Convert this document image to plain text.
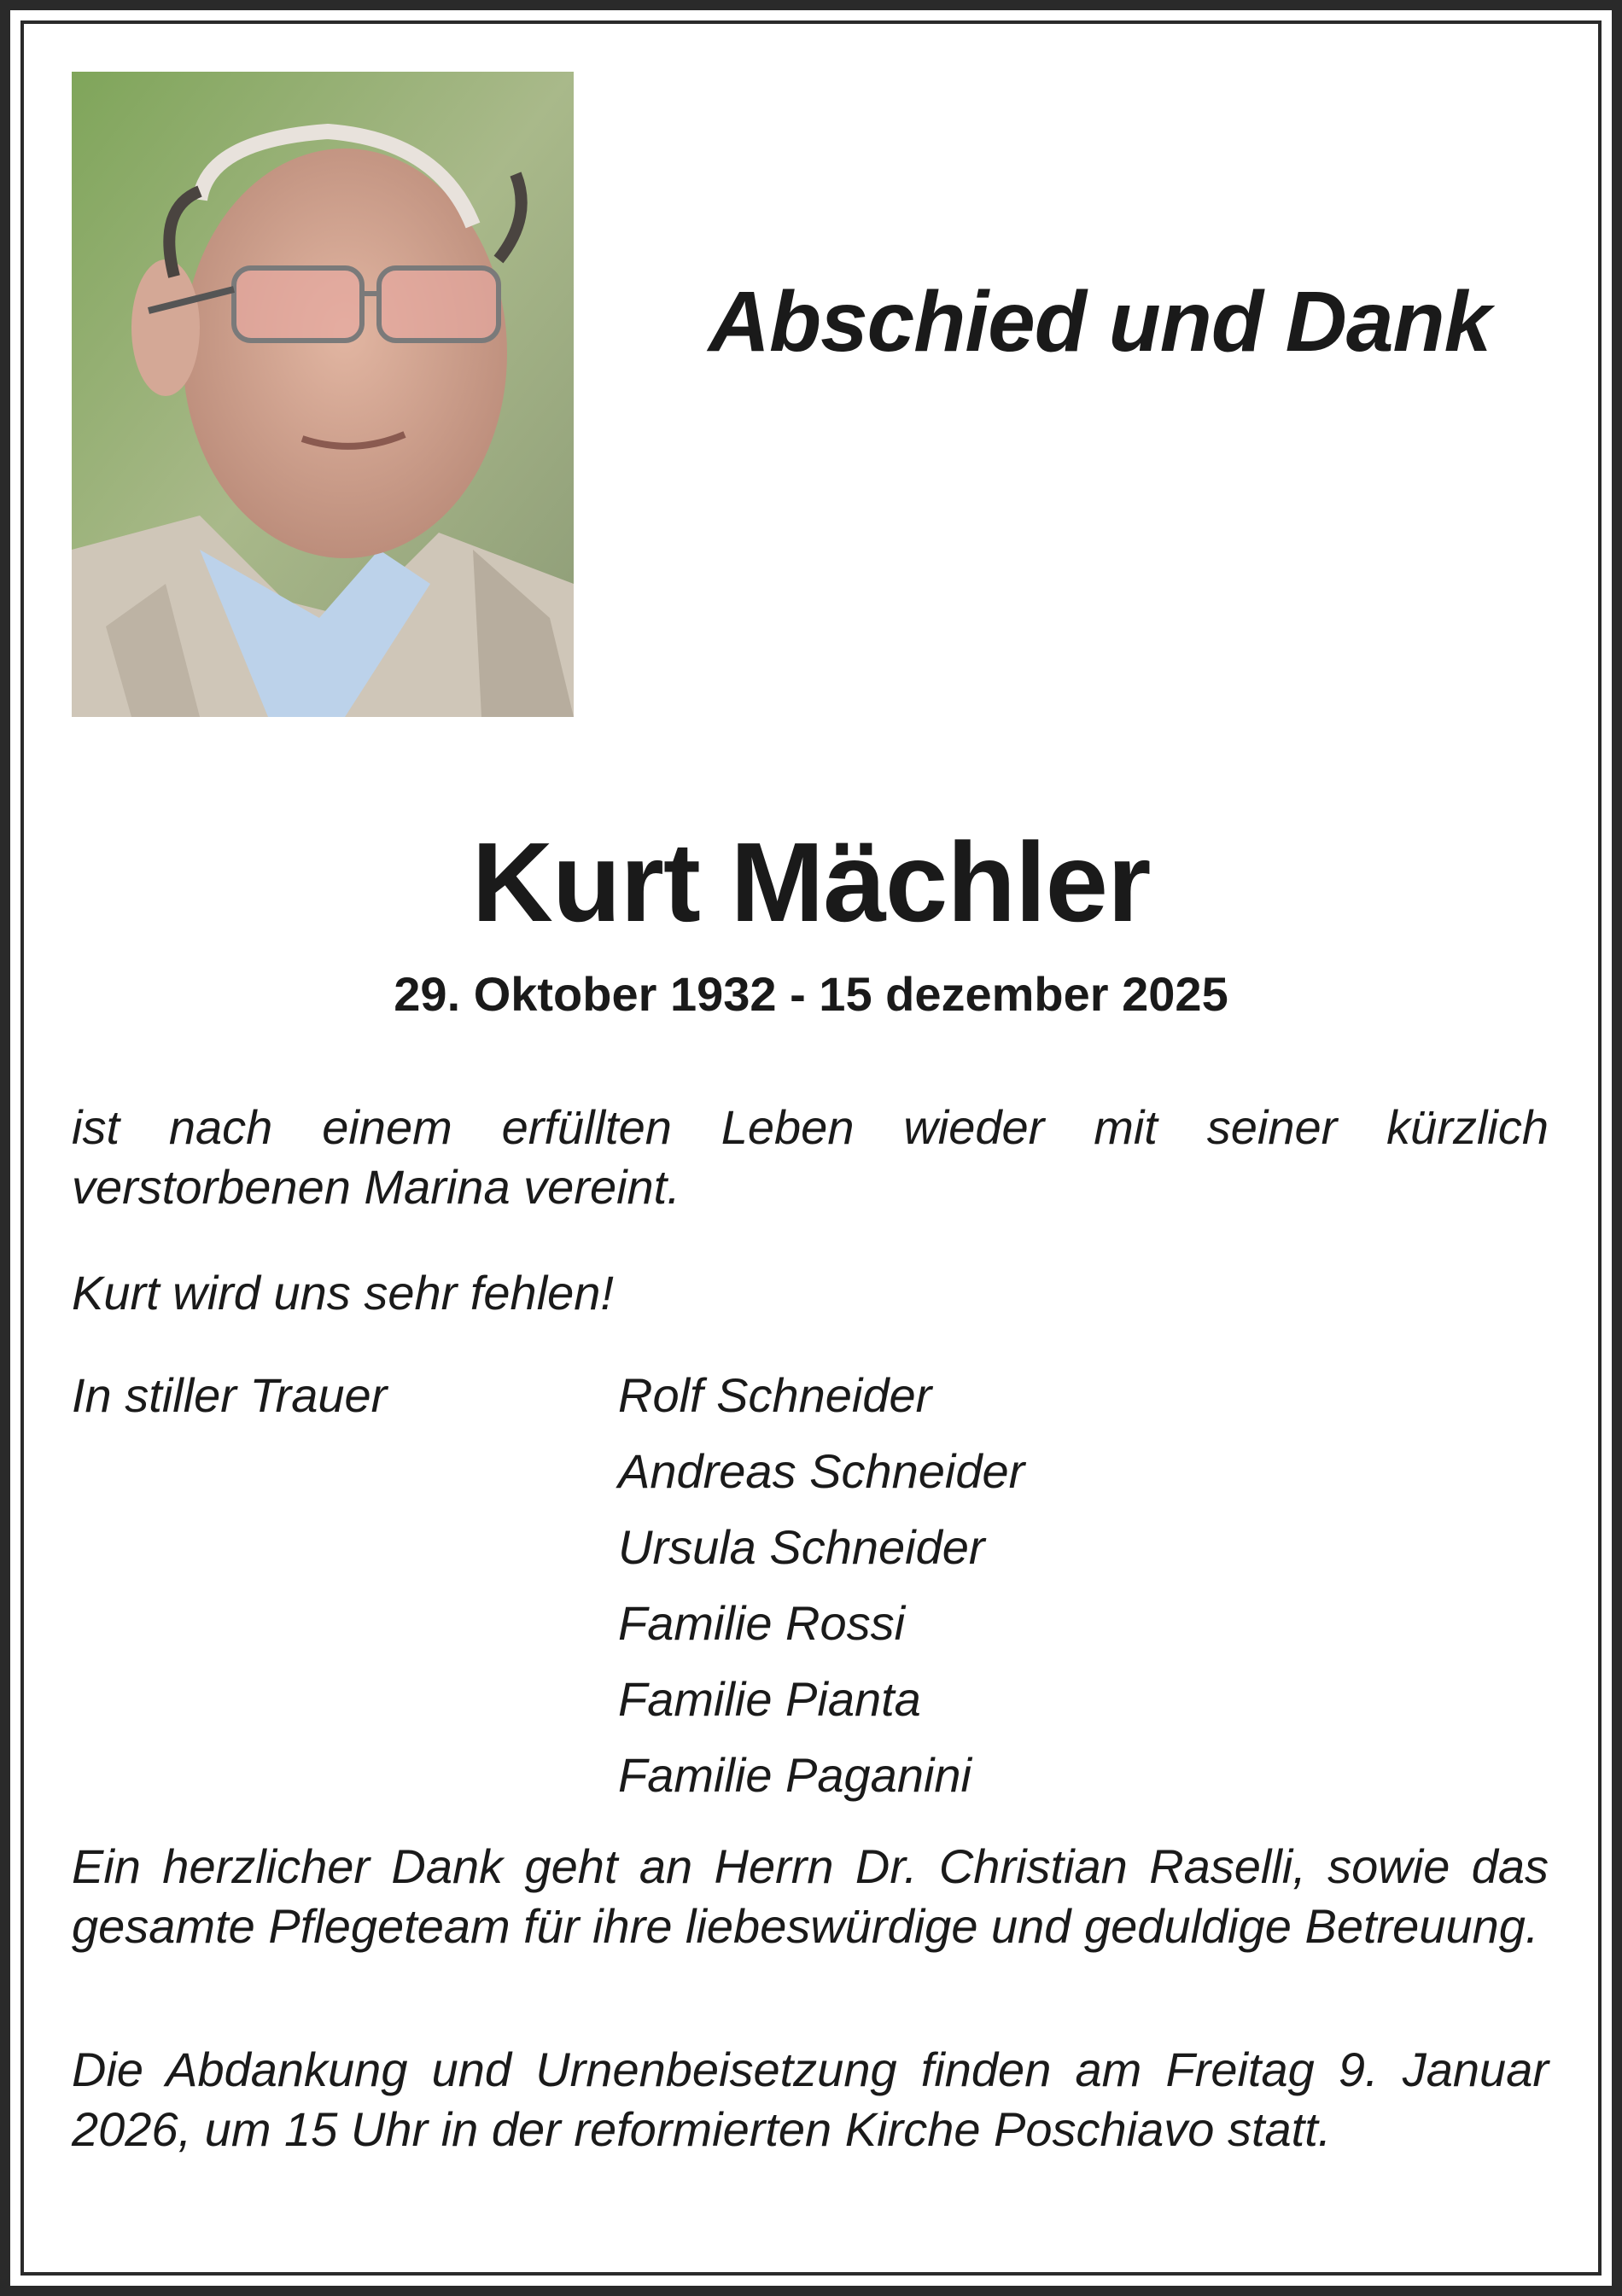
Abschied und Dank
Kurt Mächler
29. Oktober 1932 - 15 dezember 2025
ist nach einem erfüllten Leben wieder mit seiner kürzlich verstorbenen Marina vereint.
Kurt wird uns sehr fehlen!
In stiller Trauer	Rolf Schneider
Andreas Schneider
Ursula Schneider
Familie Rossi
Familie Pianta
Familie Paganini
Ein herzlicher Dank geht an Herrn Dr. Christian Raselli, sowie das gesamte Pflegeteam für ihre liebeswürdige und geduldige Betreuung.
Die Abdankung und Urnenbeisetzung finden am Freitag 9. Januar 2026, um 15 Uhr in der reformierten Kirche Poschiavo statt.
